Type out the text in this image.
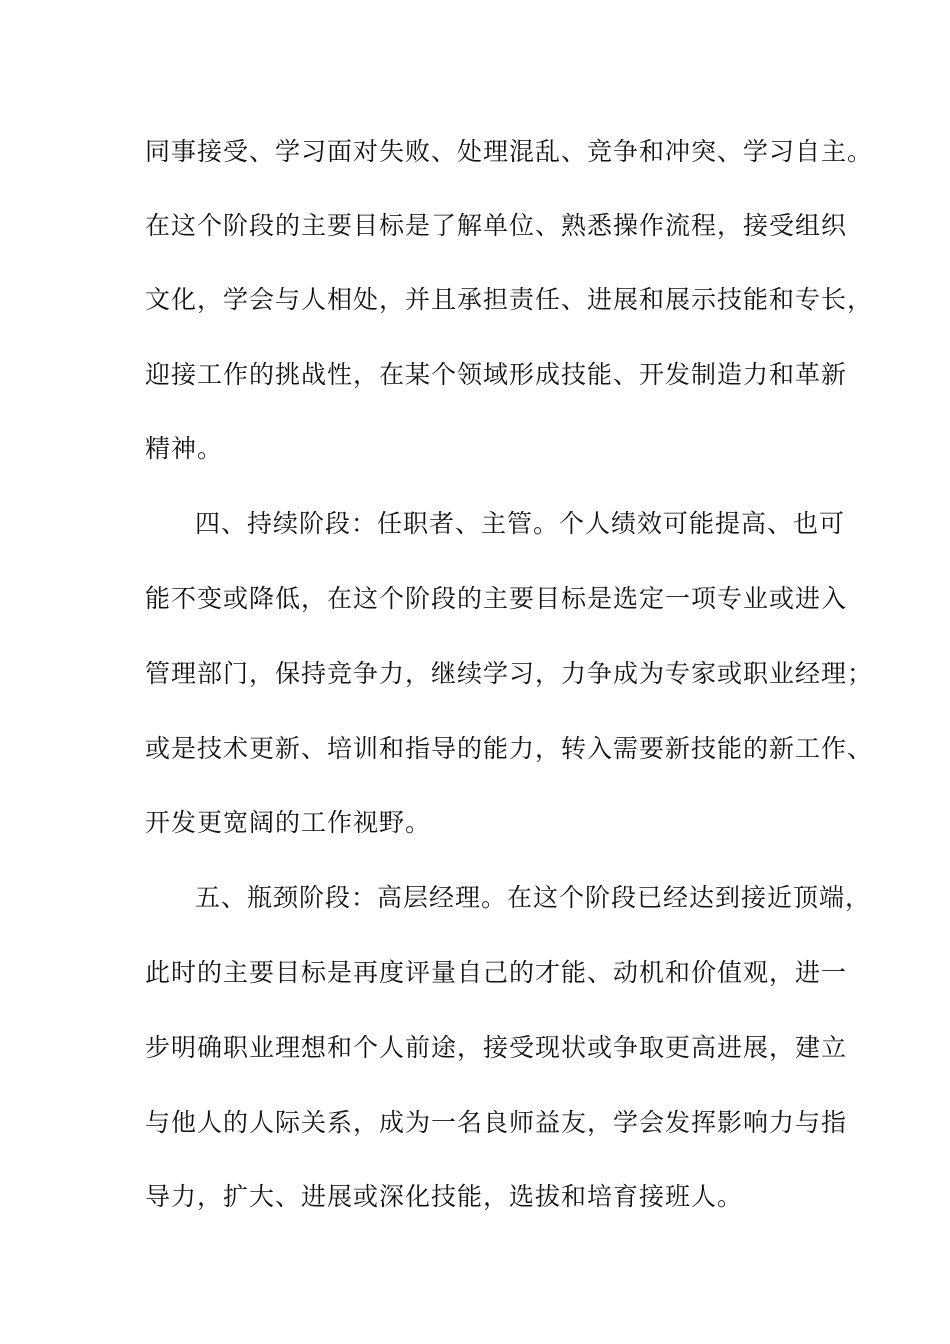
同事接受、学习面对失败、处理混乱、竞争和冲突、学习自主。
在这个阶段的主要目标是了解单位、熟悉操作流程，接受组织
文化，学会与人相处，并且承担责任、进展和展示技能和专长，
迎接工作的挑战性，在某个领域形成技能、开发制造力和革新
精神。
四、持续阶段：任职者、主管。个人绩效可能提高、也可
能不变或降低，在这个阶段的主要目标是选定一项专业或进入
管理部门，保持竞争力，继续学习，力争成为专家或职业经理；
或是技术更新、培训和指导的能力，转入需要新技能的新工作、
开发更宽阔的工作视野。
五、瓶颈阶段：高层经理。在这个阶段已经达到接近顶端，
此时的主要目标是再度评量自己的才能、动机和价值观，进一
步明确职业理想和个人前途，接受现状或争取更高进展，建立
与他人的人际关系，成为一名良师益友，学会发挥影响力与指
导力，扩大、进展或深化技能，选拔和培育接班人。
